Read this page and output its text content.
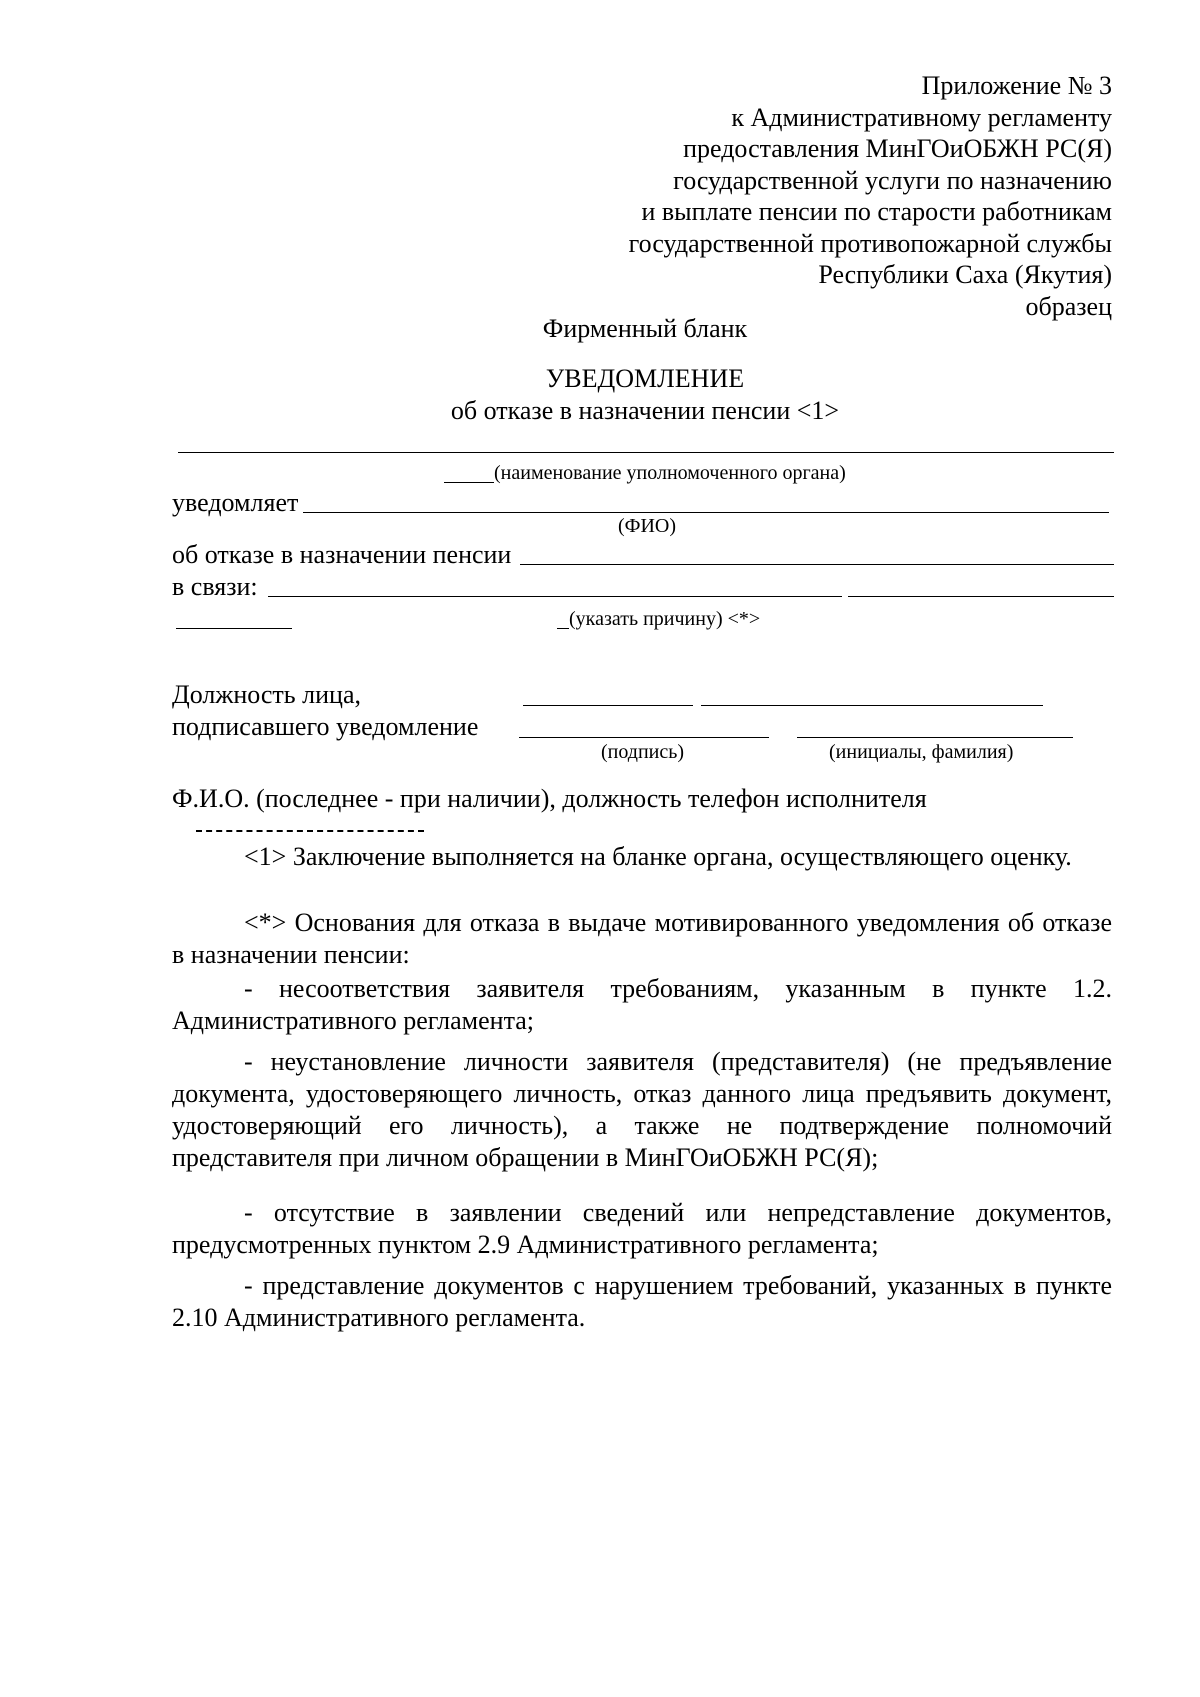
Приложение № 3
к Административному регламенту
предоставления МинГОиОБЖН РС(Я)
государственной услуги по назначению
и выплате пенсии по старости работникам
государственной противопожарной службы
Республики Саха (Якутия)
образец
Фирменный бланк
УВЕДОМЛЕНИЕ
об отказе в назначении пенсии <1>
(наименование уполномоченного органа)
уведомляет
(ФИО)
об отказе в назначении пенсии
в связи:
(указать причину) <*>
Должность лица,
подписавшего уведомление
(подпись)	(инициалы, фамилия)
Ф.И.О. (последнее - при наличии), должность телефон исполнителя
<1> Заключение выполняется на бланке органа, осуществляющего оценку.
<*> Основания для отказа в выдаче мотивированного уведомления об отказе в назначении пенсии:
- несоответствия заявителя требованиям, указанным в пункте 1.2. Административного регламента;
- неустановление личности заявителя (представителя) (не предъявление документа, удостоверяющего личность, отказ данного лица предъявить документ, удостоверяющий его личность), а также не подтверждение полномочий представителя при личном обращении в МинГОиОБЖН РС(Я);
- отсутствие в заявлении сведений или непредставление документов, предусмотренных пунктом 2.9 Административного регламента;
- представление документов с нарушением требований, указанных в пункте 2.10 Административного регламента.
